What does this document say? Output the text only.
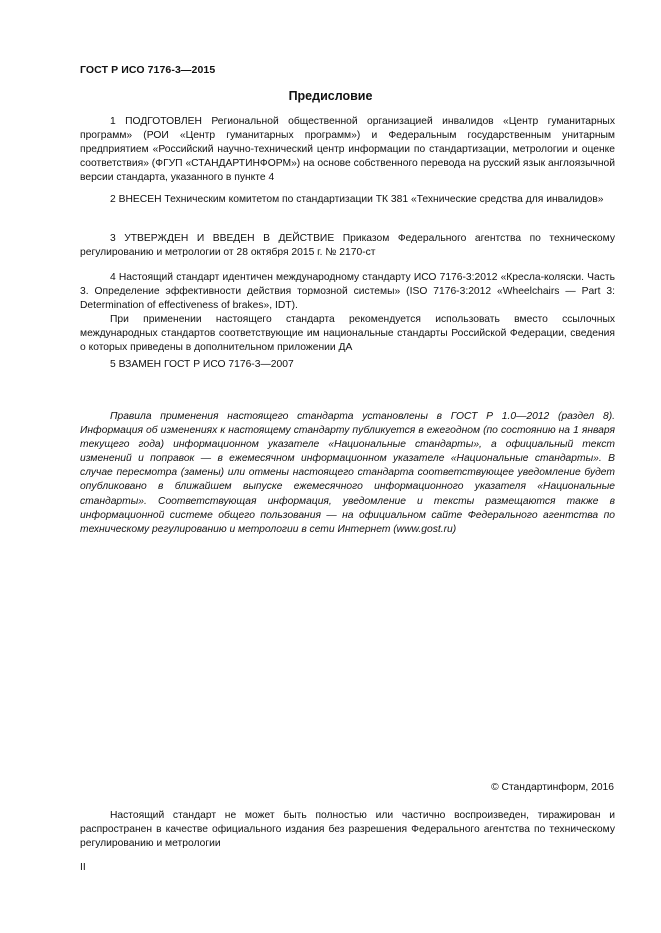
ГОСТ Р ИСО 7176-3—2015
Предисловие

1 ПОДГОТОВЛЕН Региональной общественной организацией инвалидов «Центр гуманитарных программ» (РОИ «Центр гуманитарных программ») и Федеральным государственным унитарным предприятием «Российский научно-технический центр информации по стандартизации, метрологии и оценке соответствия» (ФГУП «СТАНДАРТИНФОРМ») на основе собственного перевода на русский язык англоязычной версии стандарта, указанного в пункте 4

2 ВНЕСЕН Техническим комитетом по стандартизации ТК 381 «Технические средства для инвалидов»

3 УТВЕРЖДЕН И ВВЕДЕН В ДЕЙСТВИЕ Приказом Федерального агентства по техническому регулированию и метрологии от 28 октября 2015 г. № 2170-ст

4 Настоящий стандарт идентичен международному стандарту ИСО 7176-3:2012 «Кресла-коляски. Часть 3. Определение эффективности действия тормозной системы» (ISO 7176-3:2012 «Wheelchairs — Part 3: Determination of effectiveness of brakes», IDT).

При применении настоящего стандарта рекомендуется использовать вместо ссылочных международных стандартов соответствующие им национальные стандарты Российской Федерации, сведения о которых приведены в дополнительном приложении ДА

5 ВЗАМЕН ГОСТ Р ИСО 7176-3—2007

Правила применения настоящего стандарта установлены в ГОСТ Р 1.0—2012 (раздел 8). Информация об изменениях к настоящему стандарту публикуется в ежегодном (по состоянию на 1 января текущего года) информационном указателе «Национальные стандарты», а официальный текст изменений и поправок — в ежемесячном информационном указателе «Национальные стандарты». В случае пересмотра (замены) или отмены настоящего стандарта соответствующее уведомление будет опубликовано в ближайшем выпуске ежемесячного информационного указателя «Национальные стандарты». Соответствующая информация, уведомление и тексты размещаются также в информационной системе общего пользования — на официальном сайте Федерального агентства по техническому регулированию и метрологии в сети Интернет (www.gost.ru)

© Стандартинформ, 2016

Настоящий стандарт не может быть полностью или частично воспроизведен, тиражирован и распространен в качестве официального издания без разрешения Федерального агентства по техническому регулированию и метрологии

II
